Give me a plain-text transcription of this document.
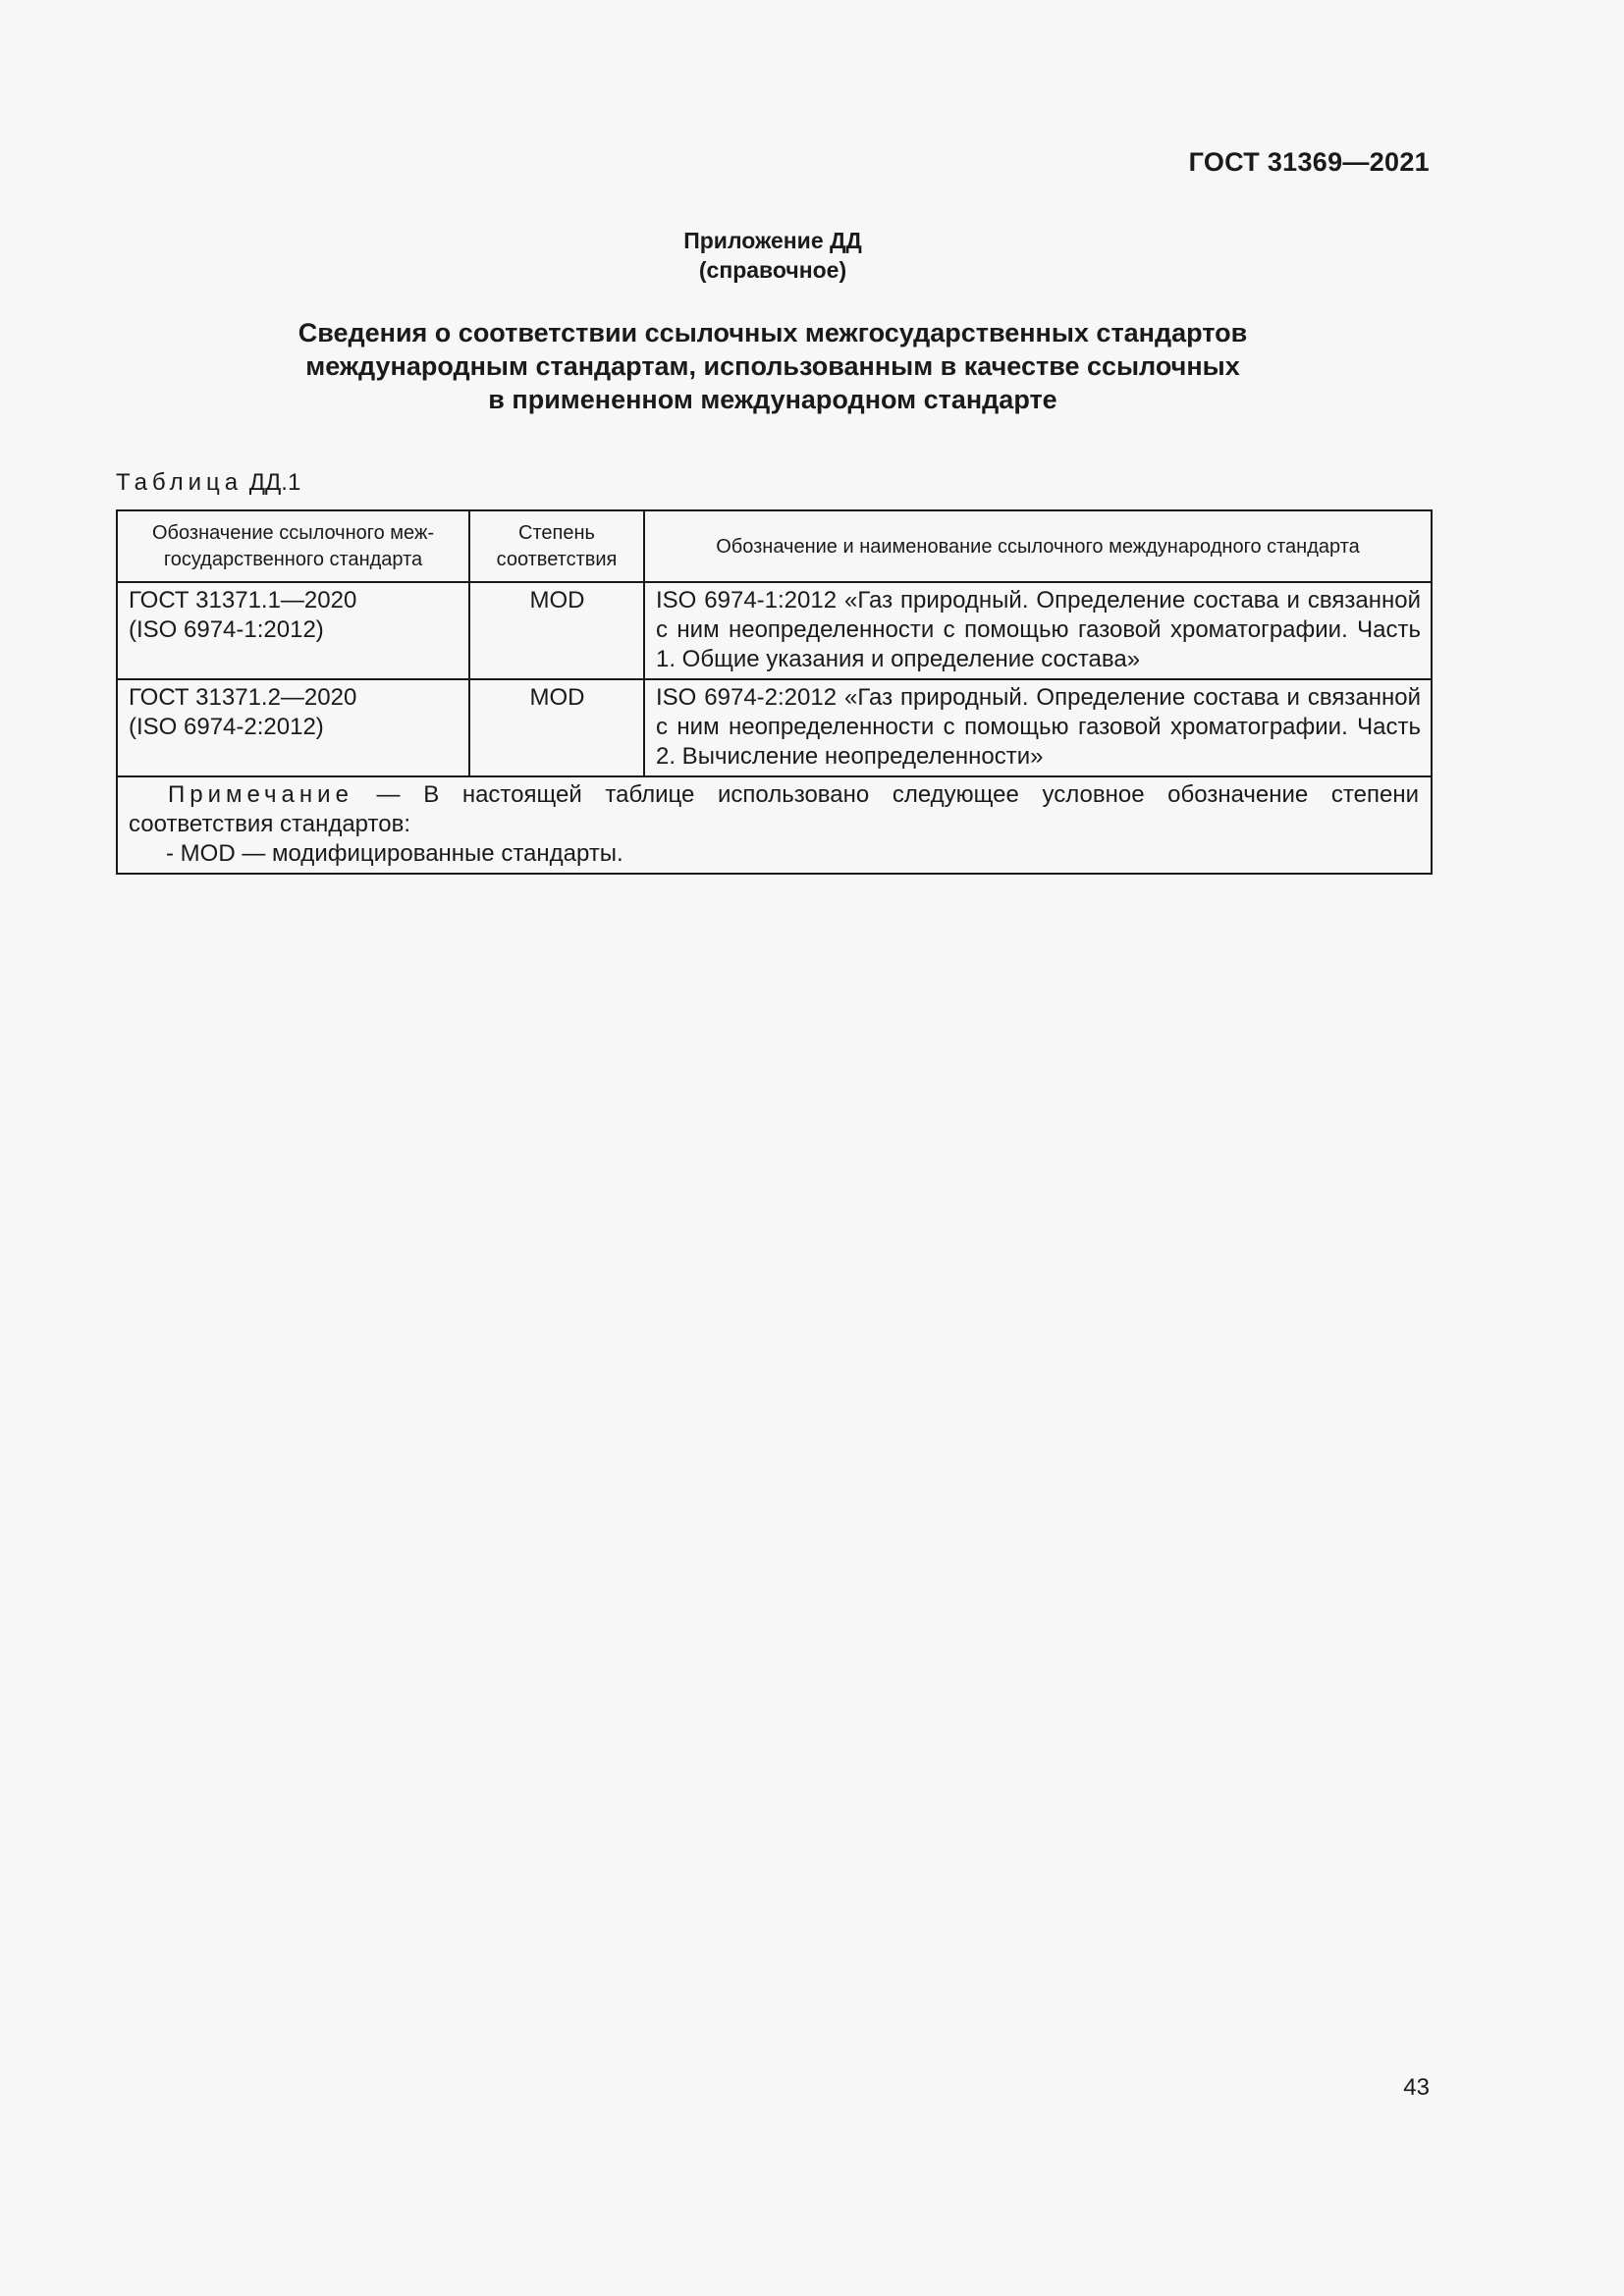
ГОСТ 31369—2021
Приложение ДД
(справочное)
Сведения о соответствии ссылочных межгосударственных стандартов
международным стандартам, использованным в качестве ссылочных
в примененном международном стандарте
Таблица ДД.1
Обозначение ссылочного меж-государственного стандарта	Степень соответствия	Обозначение и наименование ссылочного международного стандарта

ГОСТ 31371.1—2020
(ISO 6974-1:2012)	MOD	ISO 6974-1:2012 «Газ природный. Определение состава и связанной с ним неопределенности с помощью газовой хроматографии. Часть 1. Общие указания и определение состава»

ГОСТ 31371.2—2020
(ISO 6974-2:2012)	MOD	ISO 6974-2:2012 «Газ природный. Определение состава и связанной с ним неопределенности с помощью газовой хроматографии. Часть 2. Вычисление неопределенности»
Примечание — В настоящей таблице использовано следующее условное обозначение степени соответствия стандартов:
- MOD — модифицированные стандарты.		
43
